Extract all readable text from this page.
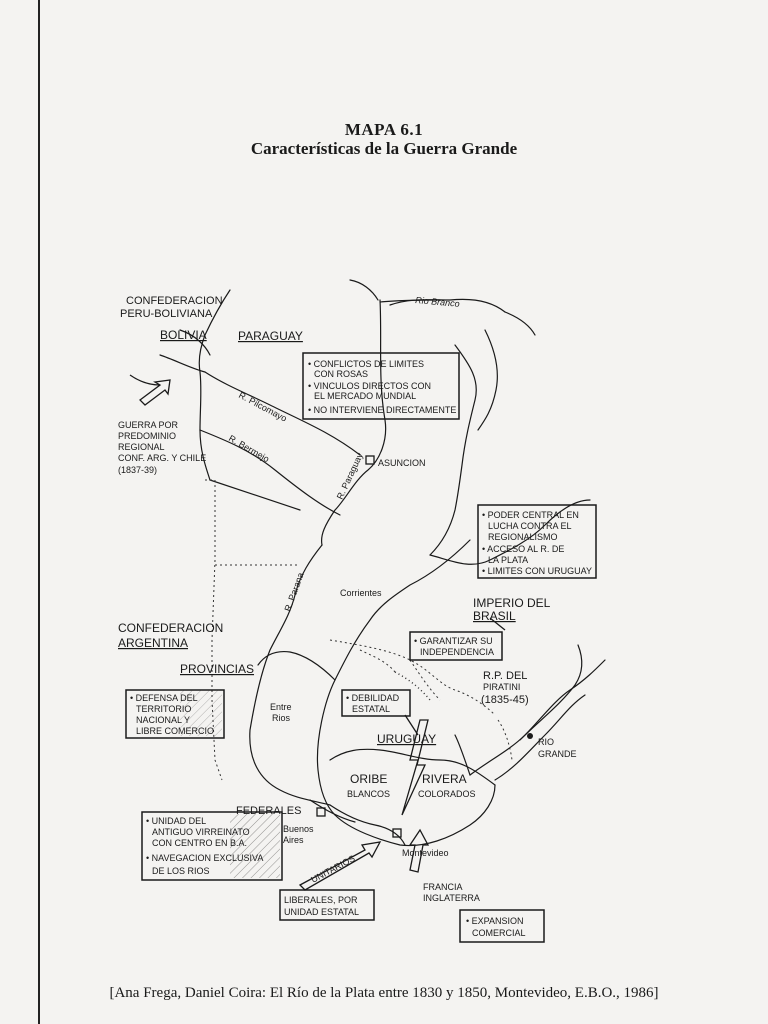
MAPA 6.1
Características de la Guerra Grande
CONFEDERACION
PERU-BOLIVIANA
BOLIVIA	PARAGUAY
Rio Branco
R. Pilcomayo
R. Bermejo
R. Paraguay
R. Parana
ASUNCION
Corrientes
Entre
Rios
GUERRA POR
PREDOMINIO
REGIONAL
CONF. ARG. Y CHILE
(1837-39)
• CONFLICTOS DE LIMITES
CON ROSAS
• VINCULOS DIRECTOS CON
EL MERCADO MUNDIAL
• NO INTERVIENE DIRECTAMENTE
• PODER CENTRAL EN
LUCHA CONTRA EL
REGIONALISMO
• ACCESO AL R. DE
LA PLATA
• LIMITES CON URUGUAY
IMPERIO DEL
BRASIL
• GARANTIZAR SU
INDEPENDENCIA
R.P. DEL
PIRATINI
(1835-45)
RIO
GRANDE
CONFEDERACION
ARGENTINA
PROVINCIAS
• DEFENSA DEL
TERRITORIO
NACIONAL Y
LIBRE COMERCIO
• DEBILIDAD
ESTATAL
URUGUAY
ORIBE
BLANCOS
RIVERA
COLORADOS
FEDERALES
Buenos
Aires
Montevideo
• UNIDAD DEL
ANTIGUO VIRREINATO
CON CENTRO EN B.A.
• NAVEGACION EXCLUSIVA
DE LOS RIOS	UNITARIOS
LIBERALES, POR
UNIDAD ESTATAL
FRANCIA
INGLATERRA
• EXPANSION
COMERCIAL
[Ana Frega, Daniel Coira: El Río de la Plata entre 1830 y 1850, Montevideo, E.B.O., 1986]
